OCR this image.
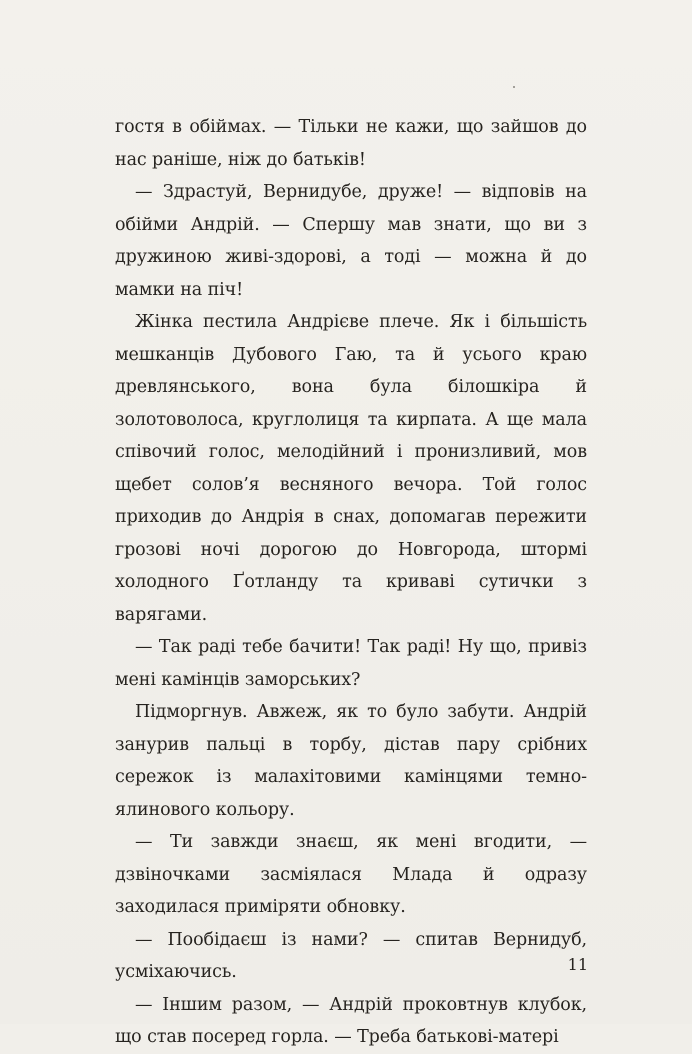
гостя в обіймах. — Тільки не кажи, що зайшов до нас раніше, ніж до батьків!

— Здрастуй, Вернидубе, друже! — відповів на обійми Андрій. — Спершу мав знати, що ви з дружиною живі-здорові, а тоді — можна й до мамки на піч!

Жінка пестила Андрієве плече. Як і більшість мешканців Дубового Гаю, та й усього краю древлянського, вона була білошкіра й золотоволоса, круглолиця та кирпата. А ще мала співочий голос, мелодійний і пронизливий, мов щебет солов’я весняного вечора. Той голос приходив до Андрія в снах, допомагав пережити грозові ночі дорогою до Новгорода, штормі холодного Ґотланду та криваві сутички з варягами.

— Так раді тебе бачити! Так раді! Ну що, привіз мені камінців заморських?

Підморгнув. Авжеж, як то було забути. Андрій занурив пальці в торбу, дістав пару срібних сережок із малахітовими камінцями темно-ялинового кольору.

— Ти завжди знаєш, як мені вгодити, — дзвіночками засміялася Млада й одразу заходилася приміряти обновку.

— Пообідаєш із нами? — спитав Вернидуб, усміхаючись.

— Іншим разом, — Андрій проковтнув клубок, що став посеред горла. — Треба батькові-матері

11
